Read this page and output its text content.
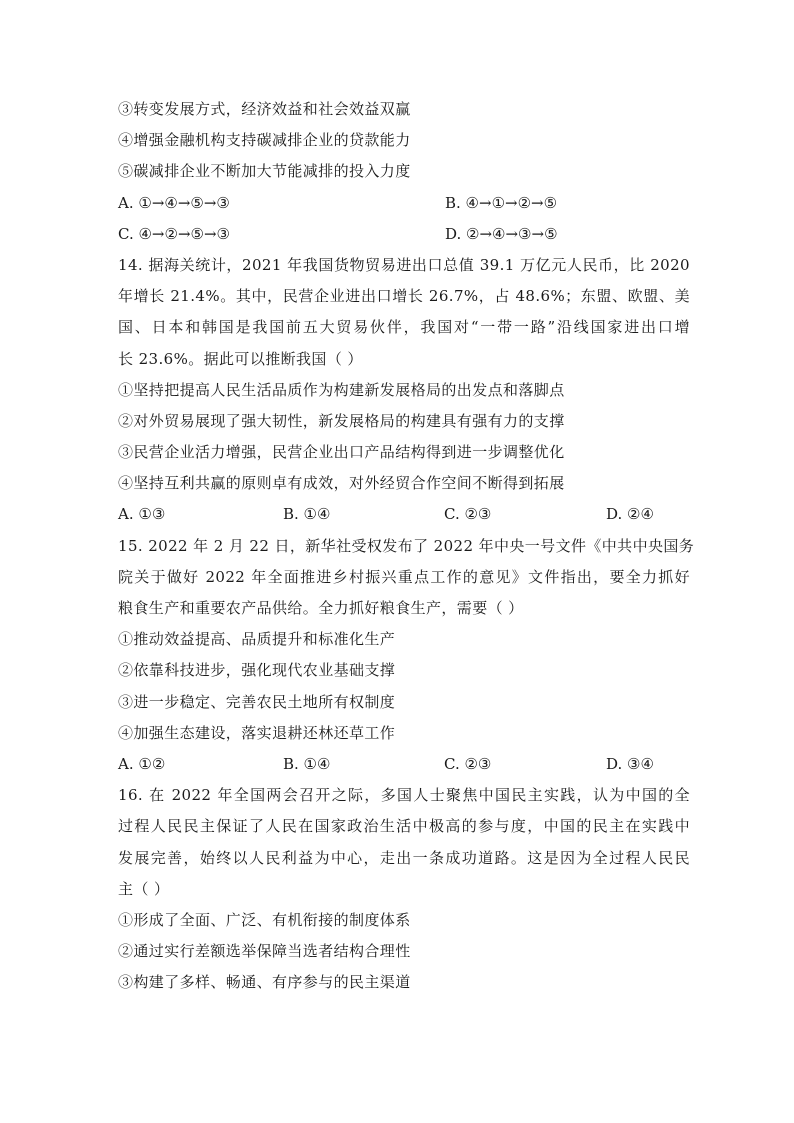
③转变发展方式，经济效益和社会效益双赢
④增强金融机构支持碳减排企业的贷款能力
⑤碳减排企业不断加大节能减排的投入力度
A. ①→④→⑤→③	B. ④→①→②→⑤
C. ④→②→⑤→③	D. ②→④→③→⑤
14. 据海关统计，2021 年我国货物贸易进出口总值 39.1 万亿元人民币，比 2020
年增长 21.4%。其中，民营企业进出口增长 26.7%，占 48.6%；东盟、欧盟、美
国、日本和韩国是我国前五大贸易伙伴，我国对“一带一路”沿线国家进出口增
长 23.6%。据此可以推断我国（ ）
①坚持把提高人民生活品质作为构建新发展格局的出发点和落脚点
②对外贸易展现了强大韧性，新发展格局的构建具有强有力的支撑
③民营企业活力增强，民营企业出口产品结构得到进一步调整优化
④坚持互利共赢的原则卓有成效，对外经贸合作空间不断得到拓展
A. ①③	B. ①④	C. ②③	D. ②④
15. 2022 年 2 月 22 日，新华社受权发布了 2022 年中央一号文件《中共中央国务
院关于做好 2022 年全面推进乡村振兴重点工作的意见》文件指出，要全力抓好
粮食生产和重要农产品供给。全力抓好粮食生产，需要（ ）
①推动效益提高、品质提升和标准化生产
②依靠科技进步，强化现代农业基础支撑
③进一步稳定、完善农民土地所有权制度
④加强生态建设，落实退耕还林还草工作
A. ①②	B. ①④	C. ②③	D. ③④
16. 在 2022 年全国两会召开之际，多国人士聚焦中国民主实践，认为中国的全
过程人民民主保证了人民在国家政治生活中极高的参与度，中国的民主在实践中
发展完善，始终以人民利益为中心，走出一条成功道路。这是因为全过程人民民
主（ ）
①形成了全面、广泛、有机衔接的制度体系
②通过实行差额选举保障当选者结构合理性
③构建了多样、畅通、有序参与的民主渠道
